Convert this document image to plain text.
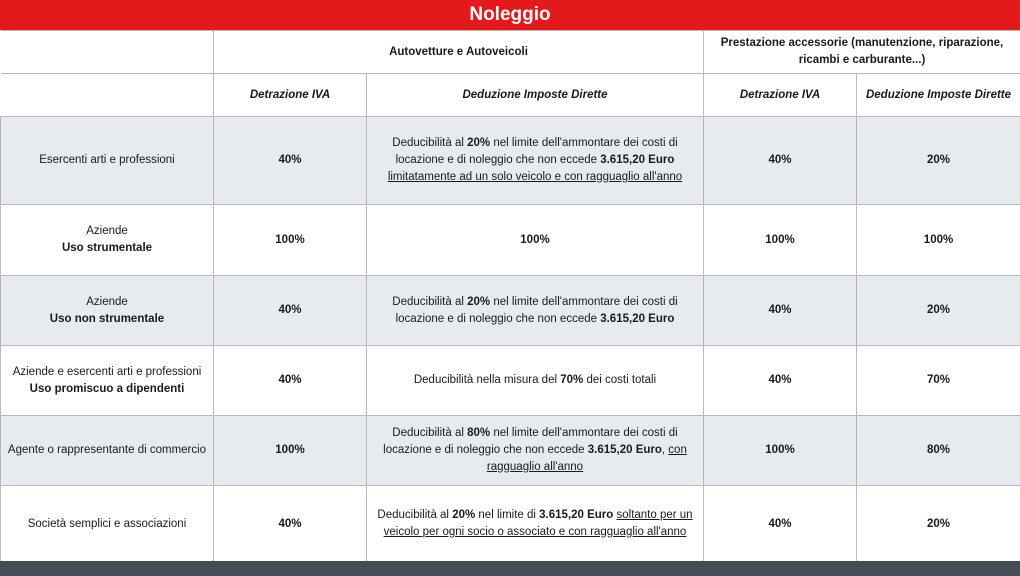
Noleggio
	Autovetture e Autoveicoli		Prestazione accessorie (manutenzione, riparazione, ricambi e carburante...)	
	Detrazione IVA	Deduzione Imposte Dirette	Detrazione IVA	Deduzione Imposte Dirette

Esercenti arti e professioni	40%	Deducibilità al 20% nel limite dell'ammontare dei costi di locazione e di noleggio che non eccede 3.615,20 Euro limitatamente ad un solo veicolo e con ragguaglio all'anno	40%	20%

Aziende
Uso strumentale	100%	100%	100%	100%

Aziende
Uso non strumentale	40%	Deducibilità al 20% nel limite dell'ammontare dei costi di locazione e di noleggio che non eccede 3.615,20 Euro	40%	20%

Aziende e esercenti arti e professioni
Uso promiscuo a dipendenti	40%	Deducibilità nella misura del 70% dei costi totali	40%	70%

Agente o rappresentante di commercio	100%	Deducibilità al 80% nel limite dell'ammontare dei costi di locazione e di noleggio che non eccede 3.615,20 Euro, con ragguaglio all'anno	100%	80%

Società semplici e associazioni	40%	Deducibilità al 20% nel limite di 3.615,20 Euro soltanto per un veicolo per ogni socio o associato e con ragguaglio all'anno	40%	20%
